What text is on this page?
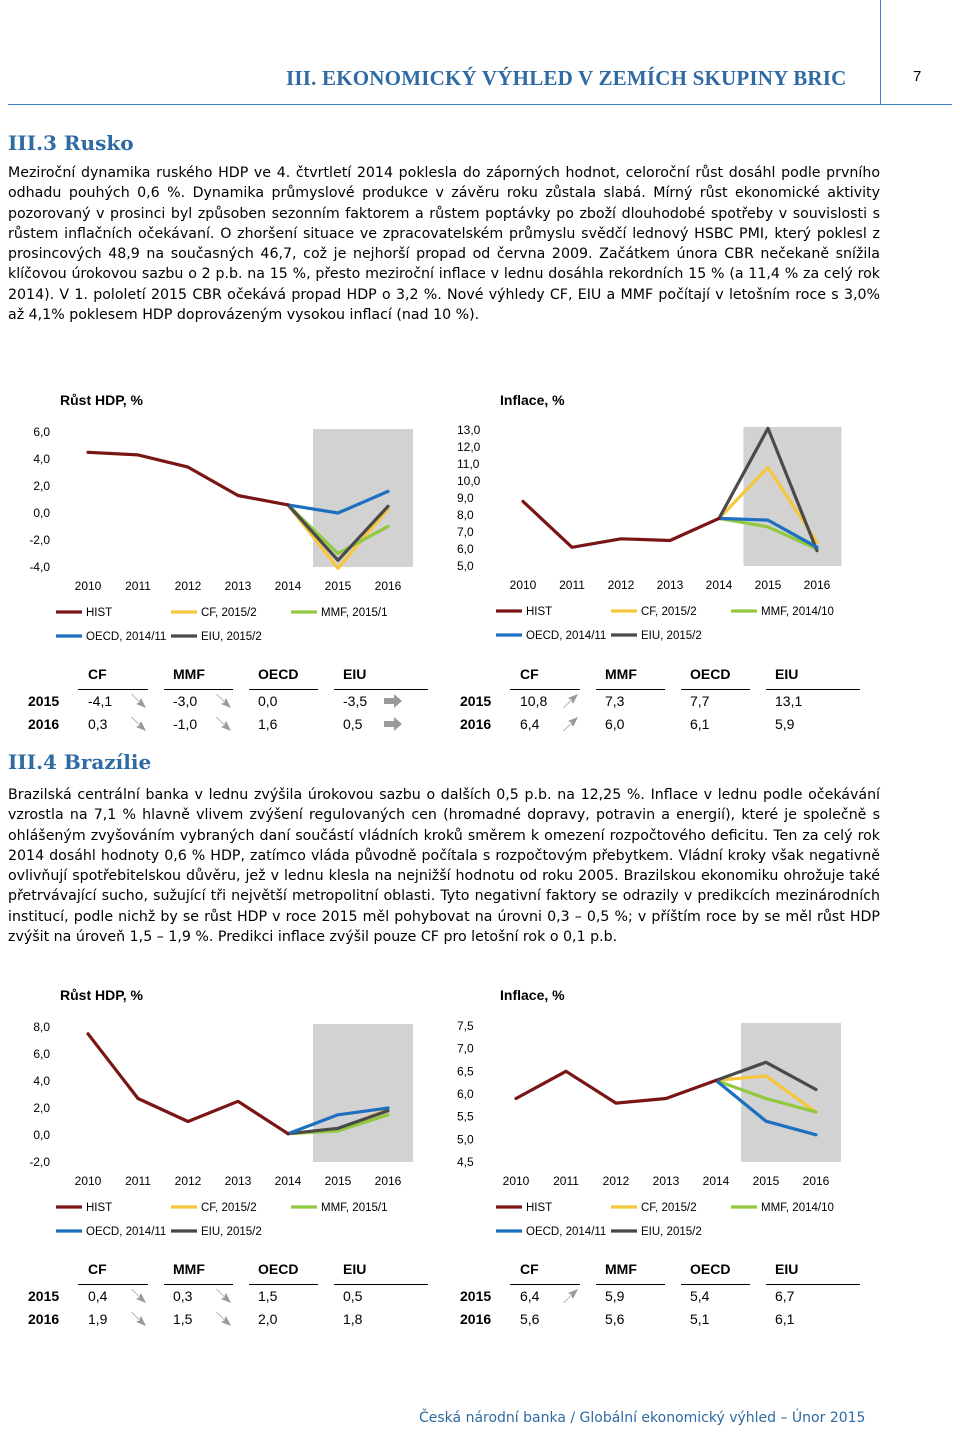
III. EKONOMICKÝ VÝHLED V ZEMÍCH SKUPINY BRIC	7
III.3 Rusko
Meziroční dynamika ruského HDP ve 4. čtvrtletí 2014 poklesla do záporných hodnot, celoroční růst dosáhl podle prvního odhadu pouhých 0,6 %. Dynamika průmyslové produkce v závěru roku zůstala slabá. Mírný růst ekonomické aktivity pozorovaný v prosinci byl způsoben sezonním faktorem a růstem poptávky po zboží dlouhodobé spotřeby v souvislosti s růstem inflačních očekávaní. O zhoršení situace ve zpracovatelském průmyslu svědčí lednový HSBC PMI, který poklesl z prosincových 48,9 na současných 46,7, což je nejhorší propad od června 2009. Začátkem února CBR nečekaně snížila klíčovou úrokovou sazbu o 2 p.b. na 15 %, přesto meziroční inflace v lednu dosáhla rekordních 15 % (a 11,4 % za celý rok 2014). V 1. pololetí 2015 CBR očekává propad HDP o 3,2 %. Nové výhledy CF, EIU a MMF počítají v letošním roce s 3,0% až 4,1% poklesem HDP doprovázeným vysokou inflací (nad 10 %).
Růst HDP, %
6,0
4,0
2,0
0,0
-2,0
-4,0
2010 2011 2012 2013 2014 2015 2016
HIST	CF, 2015/2	MMF, 2015/1
OECD, 2014/11	EIU, 2015/2
Inflace, %
13,0
12,0
11,0
10,0
9,0
8,0
7,0
6,0
5,0
2010 2011 2012 2013 2014 2015 2016
HIST	CF, 2015/2	MMF, 2014/10
OECD, 2014/11	EIU, 2015/2
CF	MMF	OECD	EIU
2015 -4,1	-3,0	0,0	-3,5
2016 0,3	-1,0	1,6	0,5
CF	MMF	OECD	EIU
2015 10,8	7,3	7,7	13,1
2016 6,4	6,0	6,1	5,9
III.4 Brazílie
Brazilská centrální banka v lednu zvýšila úrokovou sazbu o dalších 0,5 p.b. na 12,25 %. Inflace v lednu podle očekávání vzrostla na 7,1 % hlavně vlivem zvýšení regulovaných cen (hromadné dopravy, potravin a energií), které je společně s ohlášeným zvyšováním vybraných daní součástí vládních kroků směrem k omezení rozpočtového deficitu. Ten za celý rok 2014 dosáhl hodnoty 0,6 % HDP, zatímco vláda původně počítala s rozpočtovým přebytkem. Vládní kroky však negativně ovlivňují spotřebitelskou důvěru, jež v lednu klesla na nejnižší hodnotu od roku 2005. Brazilskou ekonomiku ohrožuje také přetrvávající sucho, sužující tři největší metropolitní oblasti. Tyto negativní faktory se odrazily v predikcích mezinárodních institucí, podle nichž by se růst HDP v roce 2015 měl pohybovat na úrovni 0,3 – 0,5 %; v příštím roce by se měl růst HDP zvýšit na úroveň 1,5 – 1,9 %. Predikci inflace zvýšil pouze CF pro letošní rok o 0,1 p.b.
Růst HDP, %
8,0
6,0
4,0
2,0
0,0
-2,0
2010 2011 2012 2013 2014 2015 2016
HIST	CF, 2015/2	MMF, 2015/1
OECD, 2014/11	EIU, 2015/2
Inflace, %
7,5
7,0
6,5
6,0
5,5
5,0
4,5
2010 2011 2012 2013 2014 2015 2016
HIST	CF, 2015/2	MMF, 2014/10
OECD, 2014/11	EIU, 2015/2
CF	MMF	OECD	EIU
2015 0,4	0,3	1,5	0,5
2016 1,9	1,5	2,0	1,8
CF	MMF	OECD	EIU
2015 6,4	5,9	5,4	6,7
2016 5,6	5,6	5,1	6,1
Česká národní banka / Globální ekonomický výhled – Únor 2015
